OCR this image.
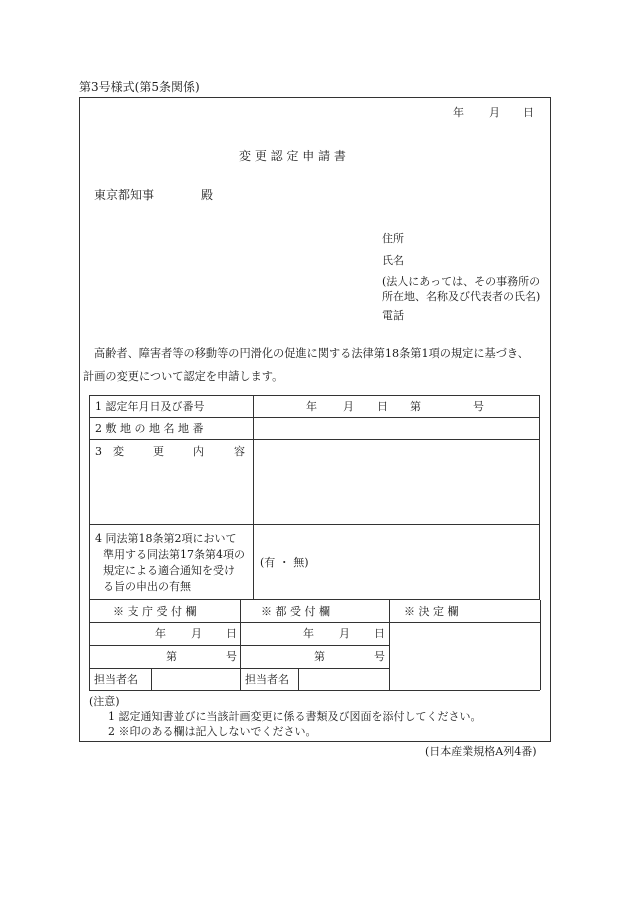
第3号様式(第5条関係)
年 月 日
変 更 認 定 申 請 書
東京都知事	殿
住所
氏名
(法人にあっては、その事務所の
所在地、名称及び代表者の氏名)
電話
高齢者、障害者等の移動等の円滑化の促進に関する法律第18条第1項の規定に基づき、
計画の変更について認定を申請します。
1 認定年月日及び番号	年 月 日 第	号
2 敷 地 の 地 名 地 番
3 変	更	内	容
4 同法第18条第2項において
準用する同法第17条第4項の
規定による適合通知を受け
る旨の申出の有無
(有 ・ 無)
※ 支 庁 受 付 欄	※ 都 受 付 欄	※ 決 定 欄
年 月 日	年 月 日
第	号	第	号
担当者名	担当者名
(注意)
1 認定通知書並びに当該計画変更に係る書類及び図面を添付してください。
2 ※印のある欄は記入しないでください。
(日本産業規格A列4番)
